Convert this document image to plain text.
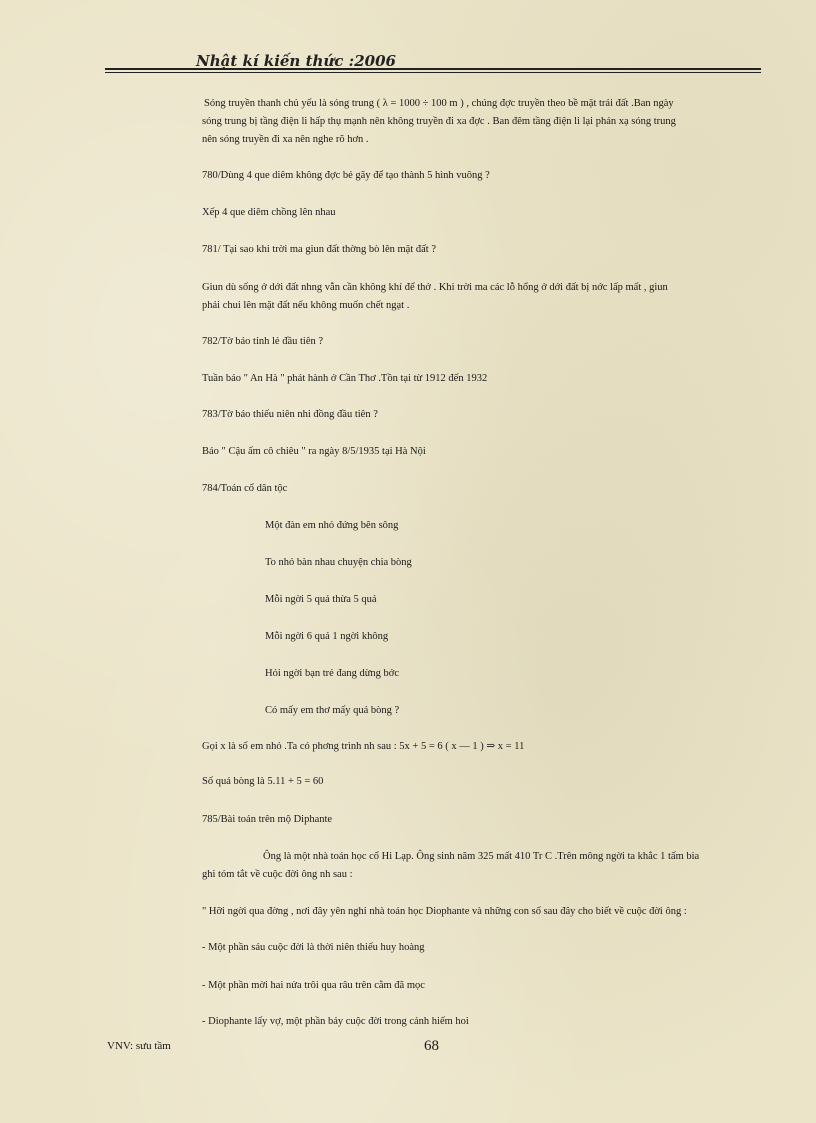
Nhật kí kiến thức :2006
Sóng truyền thanh chủ yếu là sóng trung ( λ = 1000 ÷ 100 m ) , chúng đợc truyền theo bề mặt trái đất .Ban ngày
sóng trung bị tầng điện li hấp thụ mạnh nên không truyền đi xa đợc . Ban đêm tầng điện li lại phản xạ sóng trung
nên sóng truyền đi xa nên nghe rõ hơn .
780/Dùng 4 que diêm không đợc bẻ gãy để tạo thành 5 hình vuông ?
Xếp 4 que diêm chồng lên nhau
781/ Tại sao khi trời ma giun đất thờng bò lên mặt đất ?
Giun dù sống ở dới đất nhng vẫn cần không khí để thở . Khi trời ma các lỗ hổng ở dới đất bị nớc lấp mất , giun
phải chui lên mặt đất nếu không muốn chết ngạt .
782/Tờ báo tỉnh lẻ đầu tiên ?
Tuần báo " An Hà " phát hành ở Cần Thơ .Tồn tại từ 1912 đến 1932
783/Tờ báo thiếu niên nhi đồng đầu tiên ?
Báo " Cậu ấm cô chiêu " ra ngày 8/5/1935 tại Hà Nội
784/Toán cổ dân tộc
Một đàn em nhỏ đứng bên sông
To nhỏ bàn nhau chuyện chia bòng
Mỗi ngời 5 quả thừa 5 quả
Mỗi ngời 6 quả 1 ngời không
Hỏi ngời bạn trẻ đang dừng bớc
Có mấy em thơ mấy quả bòng ?
Gọi x là số em nhỏ .Ta có phơng trình nh sau : 5x + 5 = 6 ( x — 1 ) ⇒ x = 11
Số quả bòng là 5.11 + 5 = 60
785/Bài toán trên mộ Diphante
Ông là một nhà toán học cổ Hi Lạp. Ông sinh năm 325 mất 410 Tr C .Trên mông ngời ta khắc 1 tấm bia
ghi tóm tắt về cuộc đời ông nh sau :
" Hỡi ngời qua đờng , nơi đây yên nghỉ nhà toán học Diophante và những con số sau đây cho biết về cuộc đời ông :
- Một phần sáu cuộc đời là thời niên thiếu huy hoàng
- Một phần mời hai nửa trôi qua râu trên cằm đã mọc
- Diophante lấy vợ, một phần bảy cuộc đời trong cảnh hiếm hoi
VNV: sưu tầm	68
